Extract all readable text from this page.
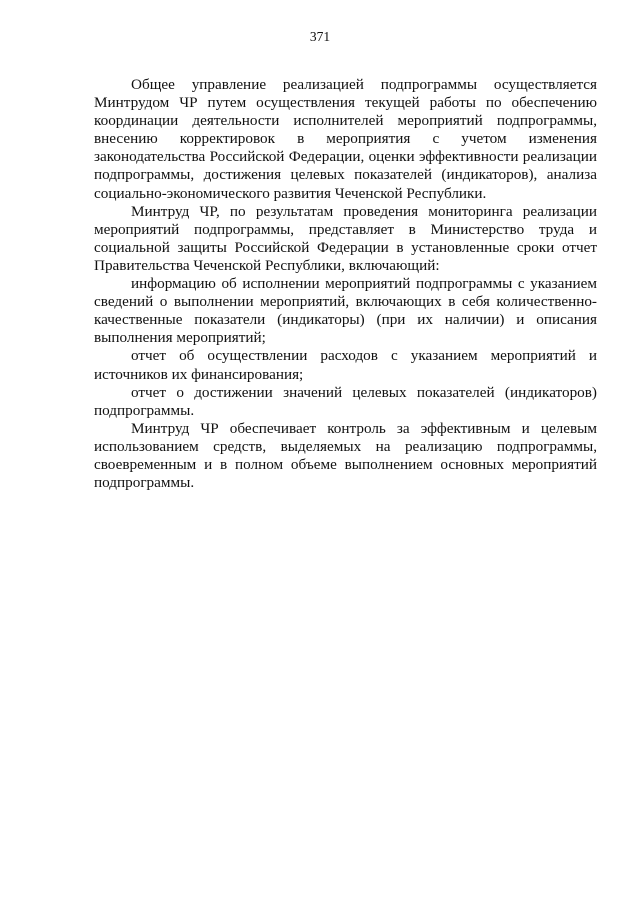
371

Общее управление реализацией подпрограммы осуществляется Минтрудом ЧР путем осуществления текущей работы по обеспечению координации деятельности исполнителей мероприятий подпрограммы, внесению корректировок в мероприятия с учетом изменения законодательства Российской Федерации, оценки эффективности реализации подпрограммы, достижения целевых показателей (индикаторов), анализа социально-экономического развития Чеченской Республики.

Минтруд ЧР, по результатам проведения мониторинга реализации мероприятий подпрограммы, представляет в Министерство труда и социальной защиты Российской Федерации в установленные сроки отчет Правительства Чеченской Республики, включающий:

информацию об исполнении мероприятий подпрограммы с указанием сведений о выполнении мероприятий, включающих в себя количественно-качественные показатели (индикаторы) (при их наличии) и описания выполнения мероприятий;

отчет об осуществлении расходов с указанием мероприятий и источников их финансирования;

отчет о достижении значений целевых показателей (индикаторов) подпрограммы.

Минтруд ЧР обеспечивает контроль за эффективным и целевым использованием средств, выделяемых на реализацию подпрограммы, своевременным и в полном объеме выполнением основных мероприятий подпрограммы.
